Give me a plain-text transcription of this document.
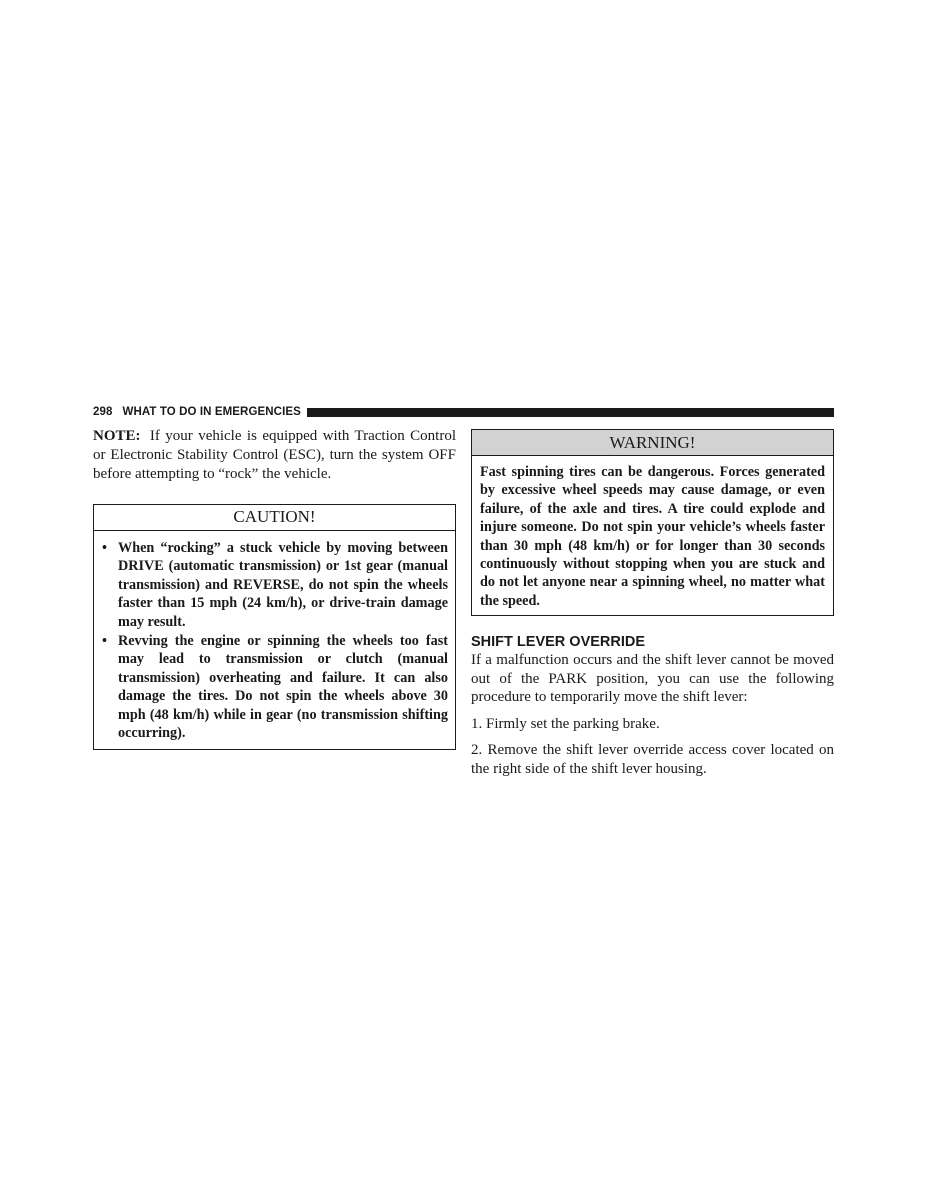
298 WHAT TO DO IN EMERGENCIES

NOTE: If your vehicle is equipped with Traction Control or Electronic Stability Control (ESC), turn the system OFF before attempting to “rock” the vehicle.

CAUTION!
• When “rocking” a stuck vehicle by moving between DRIVE (automatic transmission) or 1st gear (manual transmission) and REVERSE, do not spin the wheels faster than 15 mph (24 km/h), or drive-train damage may result.
• Revving the engine or spinning the wheels too fast may lead to transmission or clutch (manual transmission) overheating and failure. It can also damage the tires. Do not spin the wheels above 30 mph (48 km/h) while in gear (no transmission shifting occurring).
WARNING!
Fast spinning tires can be dangerous. Forces generated by excessive wheel speeds may cause damage, or even failure, of the axle and tires. A tire could explode and injure someone. Do not spin your vehicle’s wheels faster than 30 mph (48 km/h) or for longer than 30 seconds continuously without stopping when you are stuck and do not let anyone near a spinning wheel, no matter what the speed.
SHIFT LEVER OVERRIDE

If a malfunction occurs and the shift lever cannot be moved out of the PARK position, you can use the following procedure to temporarily move the shift lever:

1. Firmly set the parking brake.

2. Remove the shift lever override access cover located on the right side of the shift lever housing.
